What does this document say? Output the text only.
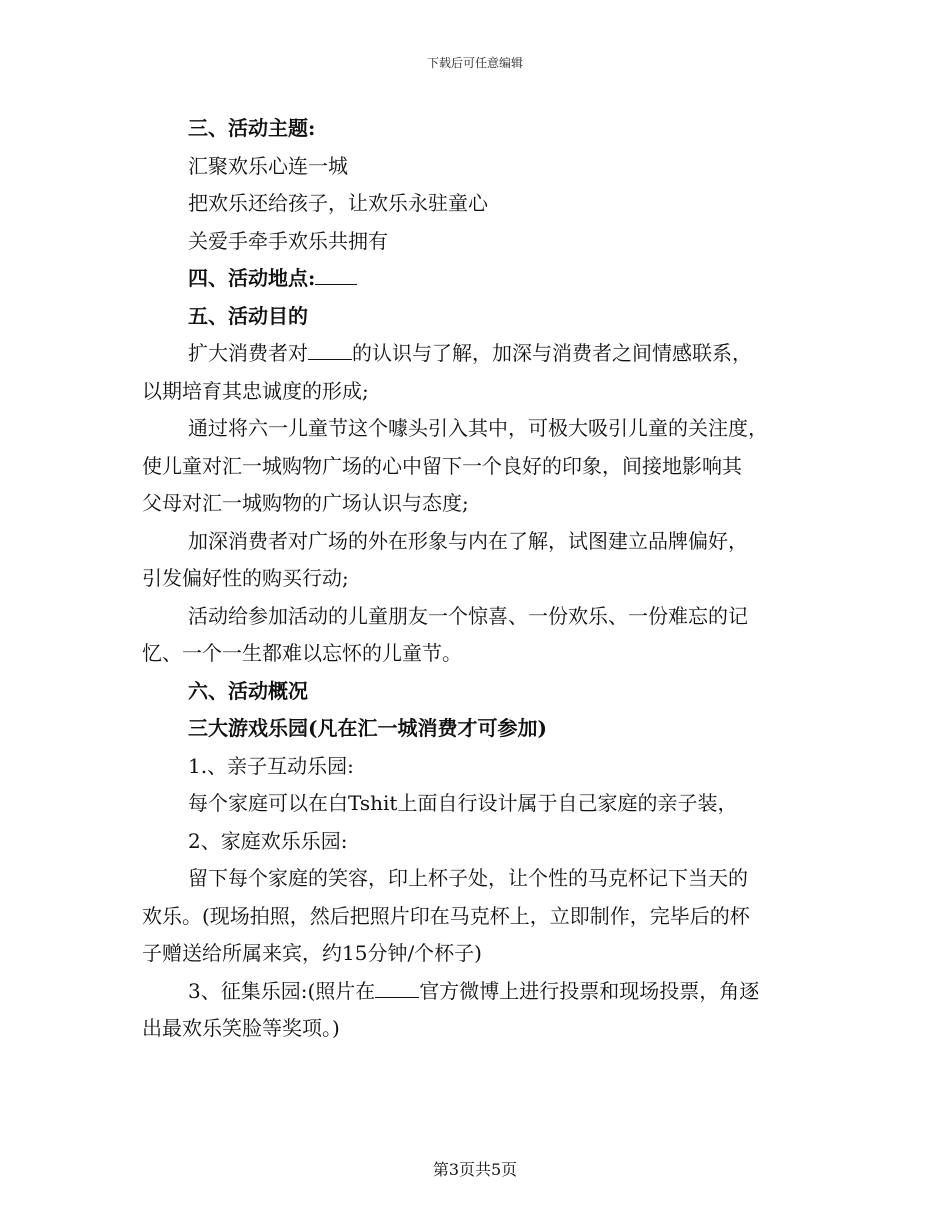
下载后可任意编辑
三、活动主题:
汇聚欢乐心连一城
把欢乐还给孩子，让欢乐永驻童心
关爱手牵手欢乐共拥有
四、活动地点:
五、活动目的
扩大消费者对 的认识与了解，加深与消费者之间情感联系，
以期培育其忠诚度的形成;
通过将六一儿童节这个噱头引入其中，可极大吸引儿童的关注度，
使儿童对汇一城购物广场的心中留下一个良好的印象，间接地影响其
父母对汇一城购物的广场认识与态度;
加深消费者对广场的外在形象与内在了解，试图建立品牌偏好，
引发偏好性的购买行动;
活动给参加活动的儿童朋友一个惊喜、一份欢乐、一份难忘的记
忆、一个一生都难以忘怀的儿童节。
六、活动概况
三大游戏乐园(凡在汇一城消费才可参加)
1.、亲子互动乐园:
每个家庭可以在白Tshit上面自行设计属于自己家庭的亲子装，
2、家庭欢乐乐园:
留下每个家庭的笑容，印上杯子处，让个性的马克杯记下当天的
欢乐。(现场拍照，然后把照片印在马克杯上，立即制作，完毕后的杯
子赠送给所属来宾，约15分钟/个杯子)
3、征集乐园:(照片在 官方微博上进行投票和现场投票，角逐
出最欢乐笑脸等奖项。)
第3页共5页
